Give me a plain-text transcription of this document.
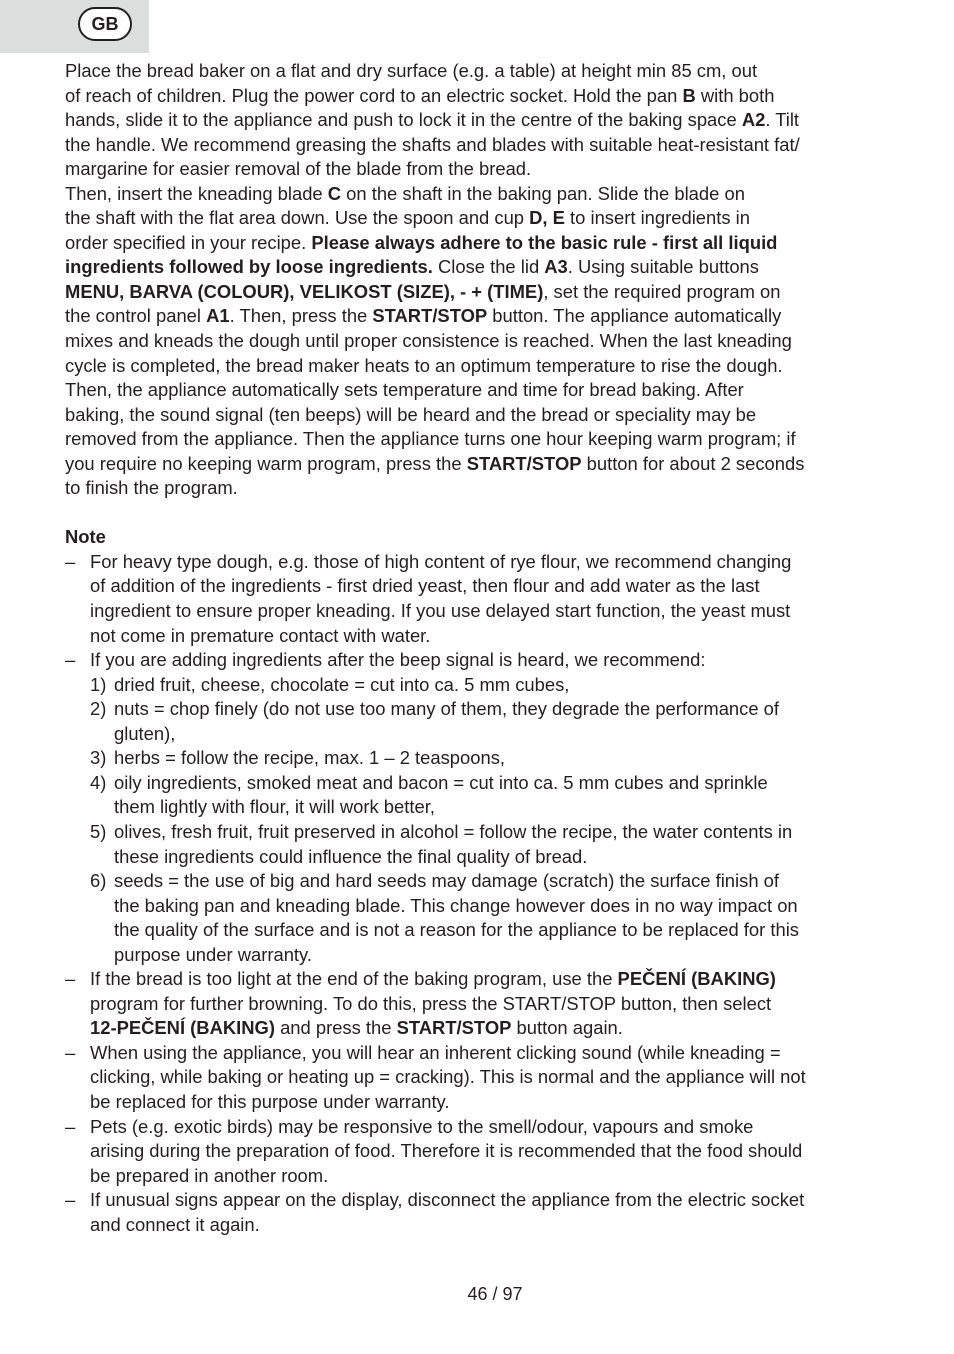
GB

Place the bread baker on a flat and dry surface (e.g. a table) at height min 85 cm, out
of reach of children. Plug the power cord to an electric socket. Hold the pan B with both
hands, slide it to the appliance and push to lock it in the centre of the baking space A2. Tilt
the handle. We recommend greasing the shafts and blades with suitable heat-resistant fat/
margarine for easier removal of the blade from the bread.
Then, insert the kneading blade C on the shaft in the baking pan. Slide the blade on
the shaft with the flat area down. Use the spoon and cup D, E to insert ingredients in
order specified in your recipe. Please always adhere to the basic rule - first all liquid
ingredients followed by loose ingredients. Close the lid A3. Using suitable buttons
MENU, BARVA (COLOUR), VELIKOST (SIZE), - + (TIME), set the required program on
the control panel A1. Then, press the START/STOP button. The appliance automatically
mixes and kneads the dough until proper consistence is reached. When the last kneading
cycle is completed, the bread maker heats to an optimum temperature to rise the dough.
Then, the appliance automatically sets temperature and time for bread baking. After
baking, the sound signal (ten beeps) will be heard and the bread or speciality may be
removed from the appliance. Then the appliance turns one hour keeping warm program; if
you require no keeping warm program, press the START/STOP button for about 2 seconds
to finish the program.

Note

– For heavy type dough, e.g. those of high content of rye flour, we recommend changing
of addition of the ingredients - first dried yeast, then flour and add water as the last
ingredient to ensure proper kneading. If you use delayed start function, the yeast must
not come in premature contact with water.
– If you are adding ingredients after the beep signal is heard, we recommend:
1) dried fruit, cheese, chocolate = cut into ca. 5 mm cubes,
2) nuts = chop finely (do not use too many of them, they degrade the performance of
gluten),
3) herbs = follow the recipe, max. 1 – 2 teaspoons,
4) oily ingredients, smoked meat and bacon = cut into ca. 5 mm cubes and sprinkle
them lightly with flour, it will work better,
5) olives, fresh fruit, fruit preserved in alcohol = follow the recipe, the water contents in
these ingredients could influence the final quality of bread.
6) seeds = the use of big and hard seeds may damage (scratch) the surface finish of
the baking pan and kneading blade. This change however does in no way impact on
the quality of the surface and is not a reason for the appliance to be replaced for this
purpose under warranty.
– If the bread is too light at the end of the baking program, use the PEČENÍ (BAKING)
program for further browning. To do this, press the START/STOP button, then select
12-PEČENÍ (BAKING) and press the START/STOP button again.
– When using the appliance, you will hear an inherent clicking sound (while kneading =
clicking, while baking or heating up = cracking). This is normal and the appliance will not
be replaced for this purpose under warranty.
– Pets (e.g. exotic birds) may be responsive to the smell/odour, vapours and smoke
arising during the preparation of food. Therefore it is recommended that the food should
be prepared in another room.
– If unusual signs appear on the display, disconnect the appliance from the electric socket
and connect it again.
46 / 97
